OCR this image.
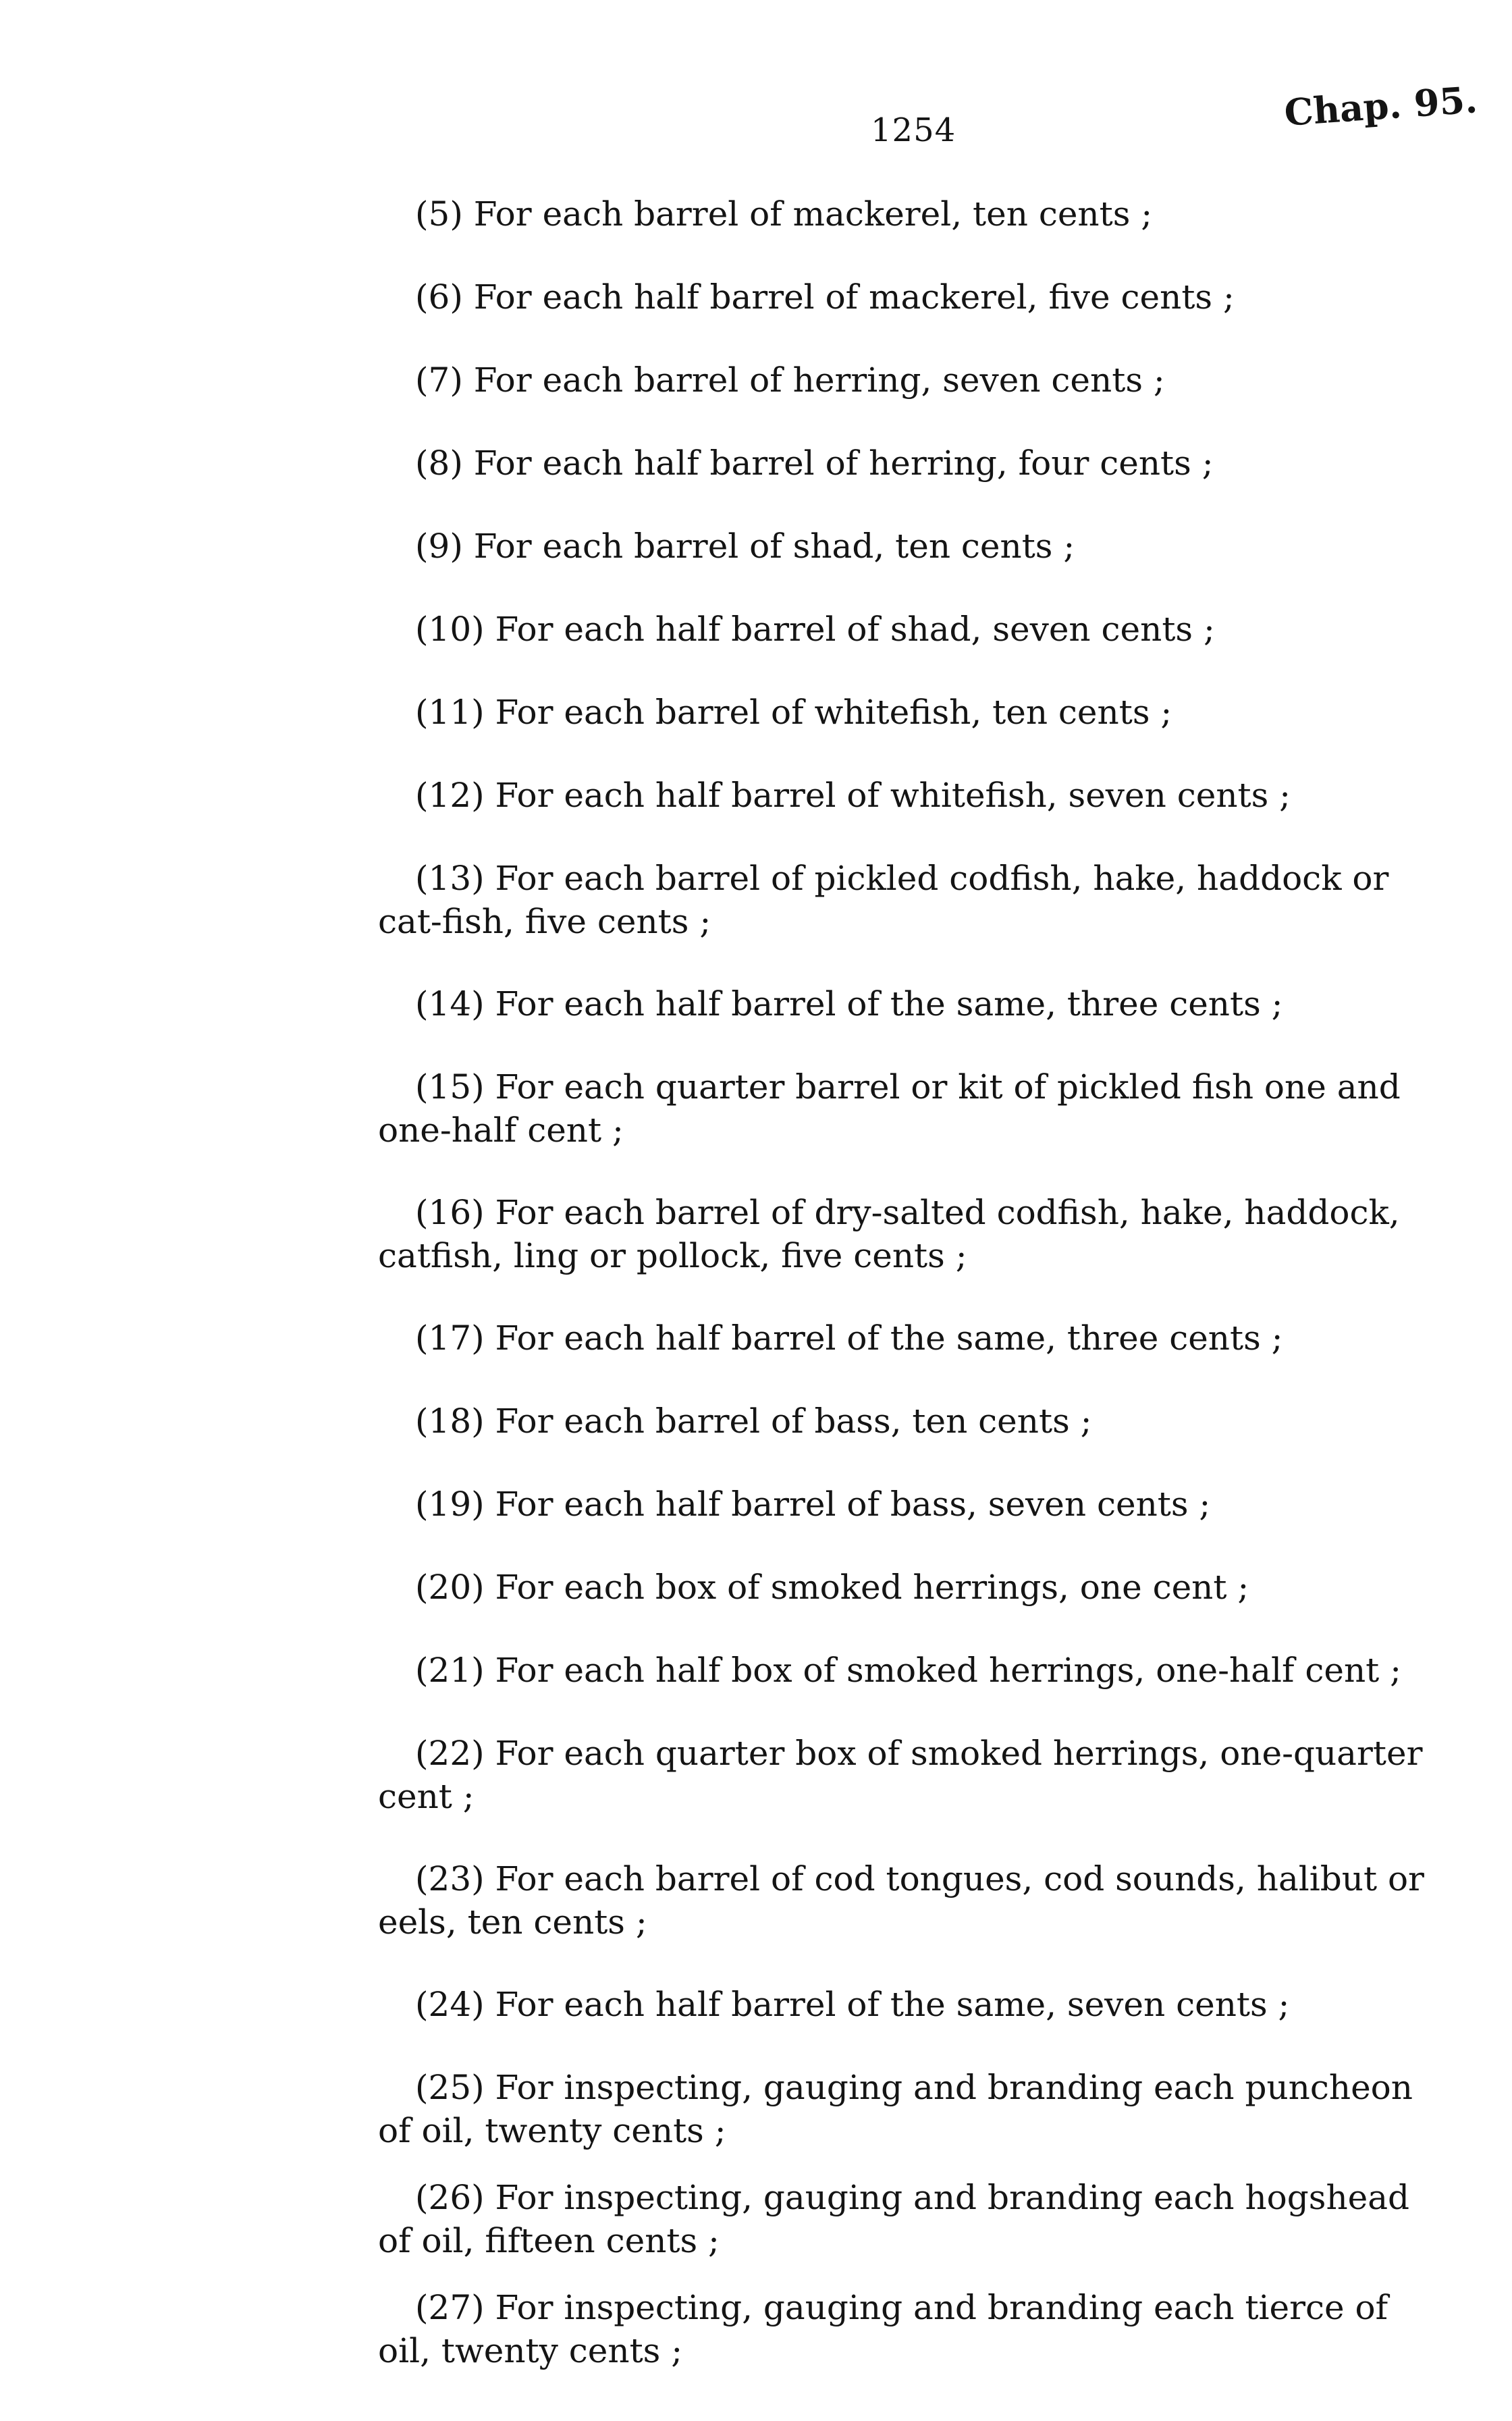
1254	Chap. 95.
(5) For each barrel of mackerel, ten cents ;
(6) For each half barrel of mackerel, five cents ;
(7) For each barrel of herring, seven cents ;
(8) For each half barrel of herring, four cents ;
(9) For each barrel of shad, ten cents ;
(10) For each half barrel of shad, seven cents ;
(11) For each barrel of whitefish, ten cents ;
(12) For each half barrel of whitefish, seven cents ;
(13) For each barrel of pickled codfish, hake, haddock or
cat-fish, five cents ;
(14) For each half barrel of the same, three cents ;
(15) For each quarter barrel or kit of pickled fish one and
one-half cent ;
(16) For each barrel of dry-salted codfish, hake, haddock,
catfish, ling or pollock, five cents ;
(17) For each half barrel of the same, three cents ;
(18) For each barrel of bass, ten cents ;
(19) For each half barrel of bass, seven cents ;
(20) For each box of smoked herrings, one cent ;
(21) For each half box of smoked herrings, one-half cent ;
(22) For each quarter box of smoked herrings, one-quarter
cent ;
(23) For each barrel of cod tongues, cod sounds, halibut or
eels, ten cents ;
(24) For each half barrel of the same, seven cents ;
(25) For inspecting, gauging and branding each puncheon
of oil, twenty cents ;
(26) For inspecting, gauging and branding each hogshead
of oil, fifteen cents ;
(27) For inspecting, gauging and branding each tierce of
oil, twenty cents ;
